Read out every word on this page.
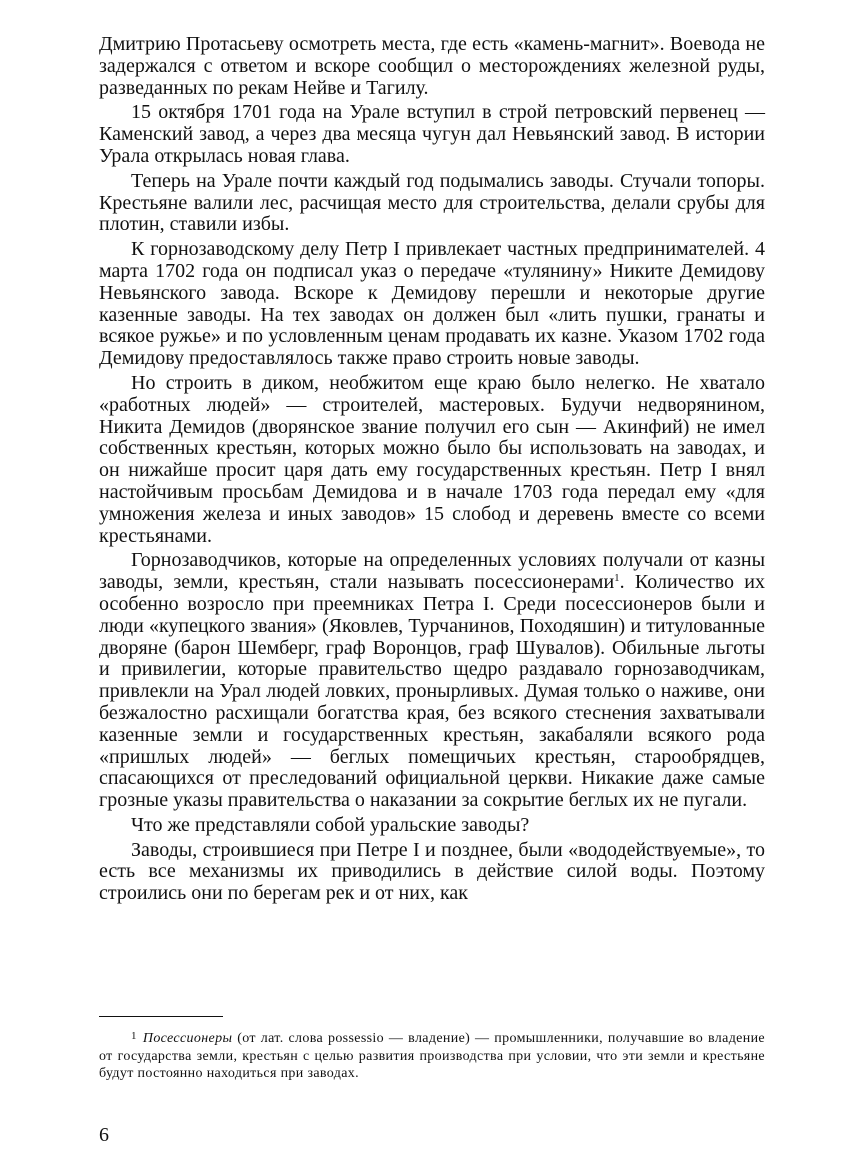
Дмитрию Протасьеву осмотреть места, где есть «камень-магнит». Воевода не задержался с ответом и вскоре сообщил о месторождениях железной руды, разведанных по рекам Нейве и Тагилу.

15 октября 1701 года на Урале вступил в строй петровский первенец — Каменский завод, а через два месяца чугун дал Невьянский завод. В истории Урала открылась новая глава.

Теперь на Урале почти каждый год подымались заводы. Стучали топоры. Крестьяне валили лес, расчищая место для строительства, делали срубы для плотин, ставили избы.

К горнозаводскому делу Петр I привлекает частных предпринимателей. 4 марта 1702 года он подписал указ о передаче «тулянину» Никите Демидову Невьянского завода. Вскоре к Демидову перешли и некоторые другие казенные заводы. На тех заводах он должен был «лить пушки, гранаты и всякое ружье» и по условленным ценам продавать их казне. Указом 1702 года Демидову предоставлялось также право строить новые заводы.

Но строить в диком, необжитом еще краю было нелегко. Не хватало «работных людей» — строителей, мастеровых. Будучи недворянином, Никита Демидов (дворянское звание получил его сын — Акинфий) не имел собственных крестьян, которых можно было бы использовать на заводах, и он нижайше просит царя дать ему государственных крестьян. Петр I внял настойчивым просьбам Демидова и в начале 1703 года передал ему «для умножения железа и иных заводов» 15 слобод и деревень вместе со всеми крестьянами.

Горнозаводчиков, которые на определенных условиях получали от казны заводы, земли, крестьян, стали называть посессионерами$^1$. Количество их особенно возросло при преемниках Петра I. Среди посессионеров были и люди «купецкого звания» (Яковлев, Турчанинов, Походяшин) и титулованные дворяне (барон Шемберг, граф Воронцов, граф Шувалов). Обильные льготы и привилегии, которые правительство щедро раздавало горнозаводчикам, привлекли на Урал людей ловких, пронырливых. Думая только о наживе, они безжалостно расхищали богатства края, без всякого стеснения захватывали казенные земли и государственных крестьян, закабаляли всякого рода «пришлых людей» — беглых помещичьих крестьян, старообрядцев, спасающихся от преследований официальной церкви. Никакие даже самые грозные указы правительства о наказании за сокрытие беглых их не пугали.

Что же представляли собой уральские заводы?

Заводы, строившиеся при Петре I и позднее, были «вододействуемые», то есть все механизмы их приводились в действие силой воды. Поэтому строились они по берегам рек и от них, как

$^1$ Посессионеры (от лат. слова possessio — владение) — промышленники, получавшие во владение от государства земли, крестьян с целью развития производства при условии, что эти земли и крестьяне будут постоянно находиться при заводах.
6
